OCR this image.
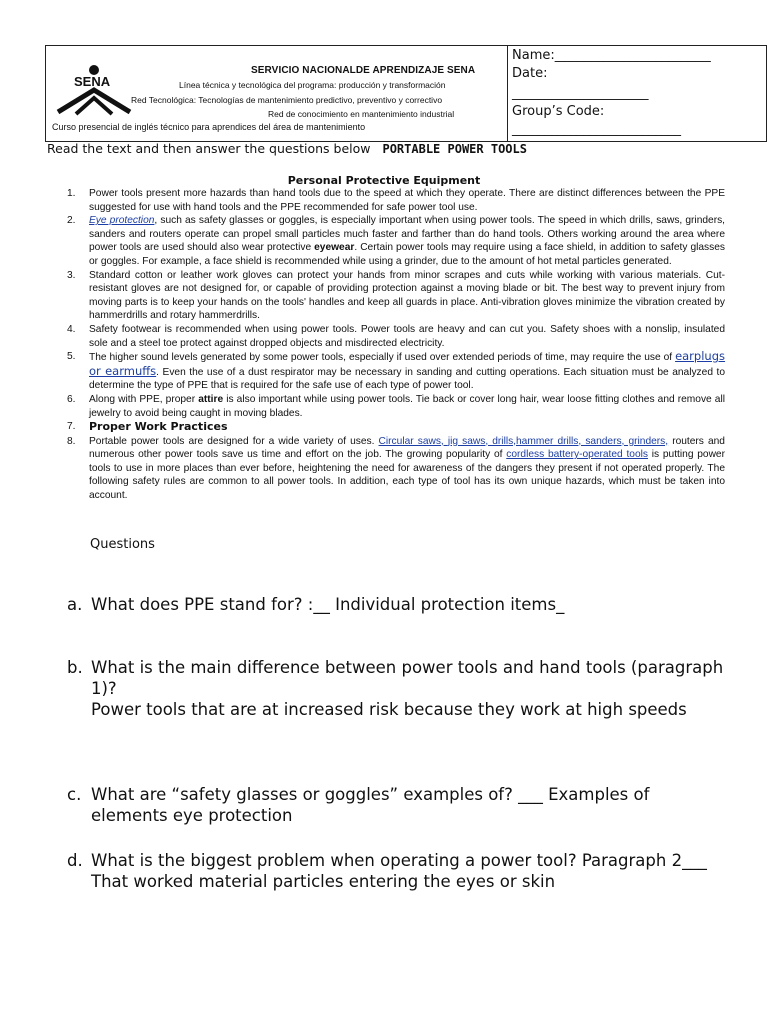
SENA
SERVICIO NACIONALDE APRENDIZAJE SENA
Línea técnica y tecnológica del programa: producción y transformación
Red Tecnológica: Tecnologías de mantenimiento predictivo, preventivo y correctivo
Red de conocimiento en mantenimiento industrial
Curso presencial de inglés técnico para aprendices del área de mantenimiento
Name:________________________
Date:
_____________________
Group’s Code:
__________________________
Read the text and then answer the questions below PORTABLE POWER TOOLS
Personal Protective Equipment
1. Power tools present more hazards than hand tools due to the speed at which they operate. There are distinct differences between the PPE suggested for use with hand tools and the PPE recommended for safe power tool use.
2. Eye protection, such as safety glasses or goggles, is especially important when using power tools. The speed in which drills, saws, grinders, sanders and routers operate can propel small particles much faster and farther than do hand tools. Others working around the area where power tools are used should also wear protective eyewear. Certain power tools may require using a face shield, in addition to safety glasses or goggles. For example, a face shield is recommended while using a grinder, due to the amount of hot metal particles generated.
3. Standard cotton or leather work gloves can protect your hands from minor scrapes and cuts while working with various materials. Cut-resistant gloves are not designed for, or capable of providing protection against a moving blade or bit. The best way to prevent injury from moving parts is to keep your hands on the tools' handles and keep all guards in place. Anti-vibration gloves minimize the vibration created by hammerdrills and rotary hammerdrills.
4. Safety footwear is recommended when using power tools. Power tools are heavy and can cut you. Safety shoes with a nonslip, insulated sole and a steel toe protect against dropped objects and misdirected electricity.
5. The higher sound levels generated by some power tools, especially if used over extended periods of time, may require the use of earplugs or earmuffs. Even the use of a dust respirator may be necessary in sanding and cutting operations. Each situation must be analyzed to determine the type of PPE that is required for the safe use of each type of power tool.
6. Along with PPE, proper attire is also important while using power tools. Tie back or cover long hair, wear loose fitting clothes and remove all jewelry to avoid being caught in moving blades.
7. Proper Work Practices
8. Portable power tools are designed for a wide variety of uses. Circular saws, jig saws, drills,hammer drills, sanders, grinders, routers and numerous other power tools save us time and effort on the job. The growing popularity of cordless battery-operated tools is putting power tools to use in more places than ever before, heightening the need for awareness of the dangers they present if not operated properly. The following safety rules are common to all power tools. In addition, each type of tool has its own unique hazards, which must be taken into account.
Questions
a. What does PPE stand for? :__ Individual protection items_
b. What is the main difference between power tools and hand tools (paragraph 1)?
Power tools that are at increased risk because they work at high speeds
c. What are “safety glasses or goggles” examples of? ___ Examples of elements eye protection
d. What is the biggest problem when operating a power tool? Paragraph 2___ That worked material particles entering the eyes or skin
